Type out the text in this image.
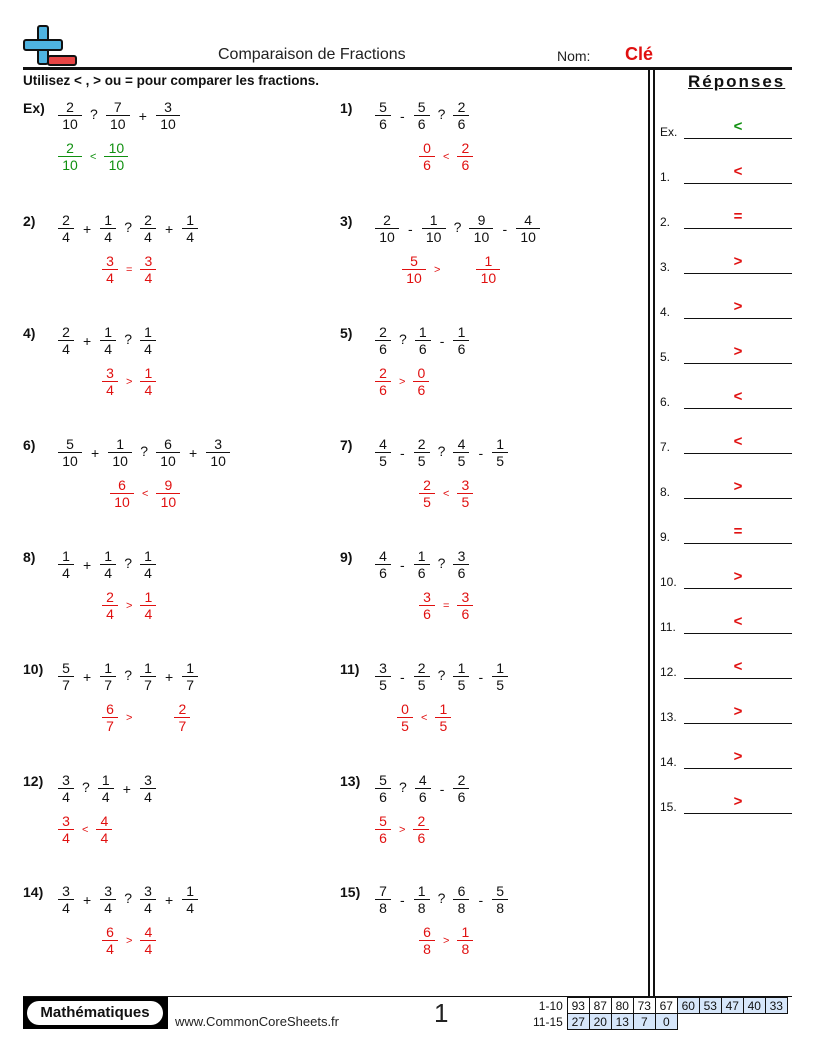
Comparaison de Fractions	Nom: Clé
Utilisez < , > ou = pour comparer les fractions.
$Ex) \frac{2}{10}$ ? $\frac{7}{10} + \frac{3}{10}$
$\frac{2}{10} < \frac{10}{10}$
$1) \frac{5}{6} - \frac{5}{6}$ ? $\frac{2}{6}$
$\frac{0}{6} < \frac{2}{6}$
$2) \frac{2}{4} + \frac{1}{4}$ ? $\frac{2}{4} + \frac{1}{4}$
$\frac{3}{4} = \frac{3}{4}$
$3) \frac{2}{10} - \frac{1}{10}$ ? $\frac{9}{10} - \frac{4}{10}$
$\frac{5}{10} > \frac{1}{10}$
$4) \frac{2}{4} + \frac{1}{4}$ ? $\frac{1}{4}$
$\frac{3}{4} > \frac{1}{4}$
$5) \frac{2}{6}$ ? $\frac{1}{6} - \frac{1}{6}$
$\frac{2}{6} > \frac{0}{6}$
$6) \frac{5}{10} + \frac{1}{10}$ ? $\frac{6}{10} + \frac{3}{10}$
$\frac{6}{10} < \frac{9}{10}$
$7) \frac{4}{5} - \frac{2}{5}$ ? $\frac{4}{5} - \frac{1}{5}$
$\frac{2}{5} < \frac{3}{5}$
$8) \frac{1}{4} + \frac{1}{4}$ ? $\frac{1}{4}$
$\frac{2}{4} > \frac{1}{4}$
$9) \frac{4}{6} - \frac{1}{6}$ ? $\frac{3}{6}$
$\frac{3}{6} = \frac{3}{6}$
$10) \frac{5}{7} + \frac{1}{7}$ ? $\frac{1}{7} + \frac{1}{7}$
$\frac{6}{7}$ >	$\frac{2}{7}$
$11) \frac{3}{5} - \frac{2}{5}$ ? $\frac{1}{5} - \frac{1}{5}$
$\frac{0}{5} < \frac{1}{5}$
$12) \frac{3}{4}$ ? $\frac{1}{4} + \frac{3}{4}$
$\frac{3}{4} < \frac{4}{4}$
$13) \frac{5}{6}$ ? $\frac{4}{6} - \frac{2}{6}$
$\frac{5}{6} > \frac{2}{6}$
$14) \frac{3}{4} + \frac{3}{4}$ ? $\frac{3}{4} + \frac{1}{4}$
$\frac{6}{4} > \frac{4}{4}$
$15) \frac{7}{8} - \frac{1}{8}$ ? $\frac{6}{8} - \frac{5}{8}$
$\frac{6}{8} > \frac{1}{8}$
Réponses
Ex.	<
1.	<
2.	=
3.	>
4.	>
5.	>
6.	<
7.	<
8.	>
9.	=
10.	>
11.	<
12.	<
13.	>
14.	>
15.	>
Mathématiques
www.CommonCoreSheets.fr	1	1-10	93	87	80	73	67	60	53	47	40	33
11-15	27	20	13	7	0					
